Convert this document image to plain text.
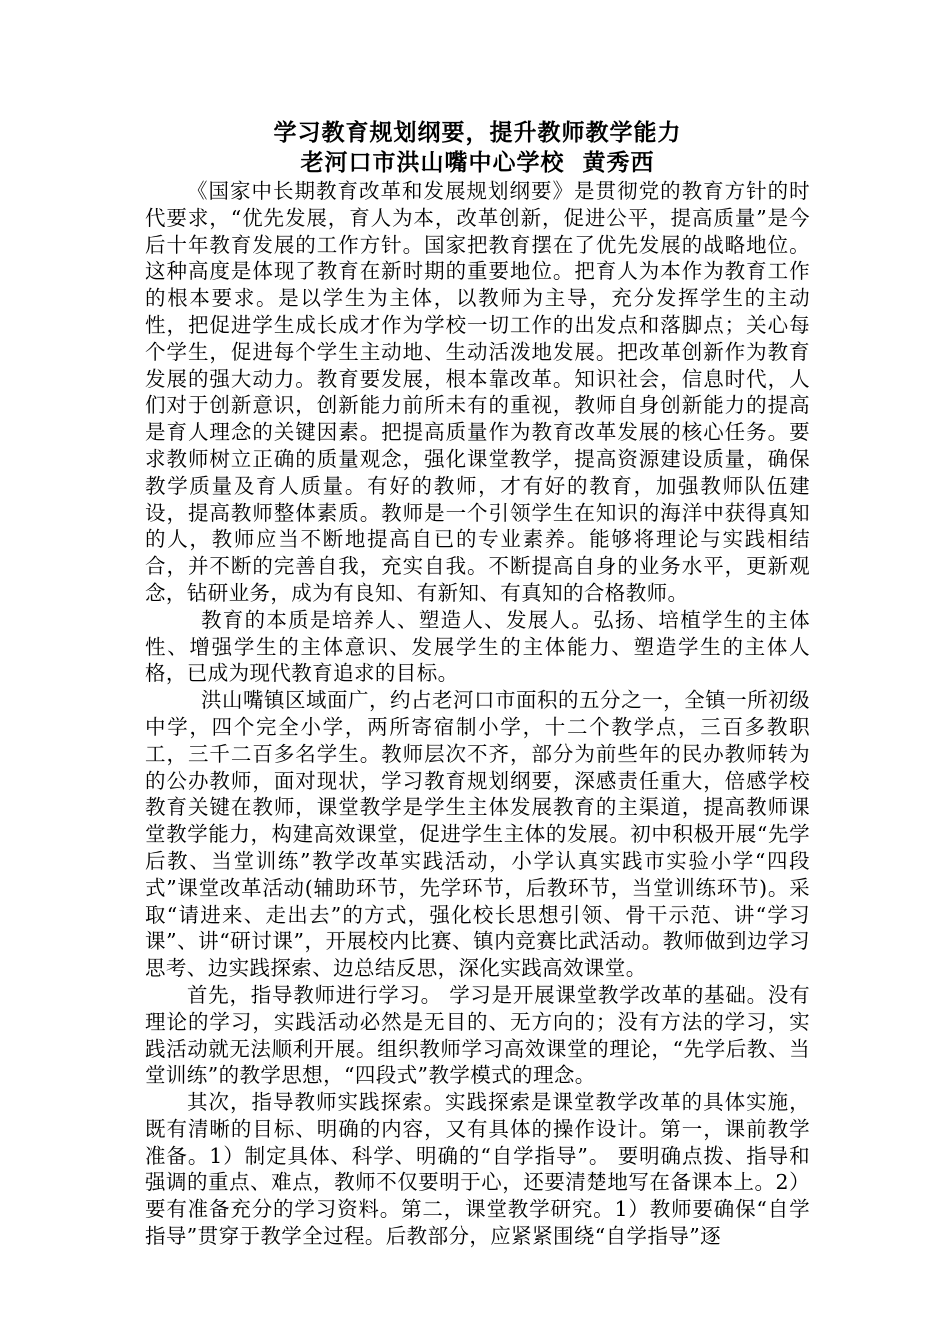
学习教育规划纲要，提升教师教学能力
老河口市洪山嘴中心学校 黄秀西

《国家中长期教育改革和发展规划纲要》是贯彻党的教育方针的时代要求，“优先发展，育人为本，改革创新，促进公平，提高质量”是今后十年教育发展的工作方针。国家把教育摆在了优先发展的战略地位。这种高度是体现了教育在新时期的重要地位。把育人为本作为教育工作的根本要求。是以学生为主体，以教师为主导，充分发挥学生的主动性，把促进学生成长成才作为学校一切工作的出发点和落脚点；关心每个学生，促进每个学生主动地、生动活泼地发展。把改革创新作为教育发展的强大动力。教育要发展，根本靠改革。知识社会，信息时代，人们对于创新意识，创新能力前所未有的重视，教师自身创新能力的提高是育人理念的关键因素。把提高质量作为教育改革发展的核心任务。要求教师树立正确的质量观念，强化课堂教学，提高资源建设质量，确保教学质量及育人质量。有好的教师，才有好的教育，加强教师队伍建设，提高教师整体素质。教师是一个引领学生在知识的海洋中获得真知的人，教师应当不断地提高自已的专业素养。能够将理论与实践相结合，并不断的完善自我，充实自我。不断提高自身的业务水平，更新观念，钻研业务，成为有良知、有新知、有真知的合格教师。

教育的本质是培养人、塑造人、发展人。弘扬、培植学生的主体性、增强学生的主体意识、发展学生的主体能力、塑造学生的主体人格，已成为现代教育追求的目标。

洪山嘴镇区域面广，约占老河口市面积的五分之一，全镇一所初级中学，四个完全小学，两所寄宿制小学，十二个教学点，三百多教职工，三千二百多名学生。教师层次不齐，部分为前些年的民办教师转为的公办教师，面对现状，学习教育规划纲要，深感责任重大，倍感学校教育关键在教师，课堂教学是学生主体发展教育的主渠道，提高教师课堂教学能力，构建高效课堂，促进学生主体的发展。初中积极开展“先学后教、当堂训练”教学改革实践活动，小学认真实践市实验小学“四段式”课堂改革活动(辅助环节，先学环节，后教环节，当堂训练环节)。采取“请进来、走出去”的方式，强化校长思想引领、骨干示范、讲“学习课”、讲“研讨课”，开展校内比赛、镇内竞赛比武活动。教师做到边学习思考、边实践探索、边总结反思，深化实践高效课堂。

首先，指导教师进行学习。 学习是开展课堂教学改革的基础。没有理论的学习，实践活动必然是无目的、无方向的；没有方法的学习，实践活动就无法顺利开展。组织教师学习高效课堂的理论，“先学后教、当堂训练”的教学思想，“四段式”教学模式的理念。

其次，指导教师实践探索。实践探索是课堂教学改革的具体实施，既有清晰的目标、明确的内容，又有具体的操作设计。第一，课前教学准备。1）制定具体、科学、明确的“自学指导”。 要明确点拨、指导和强调的重点、难点，教师不仅要明于心，还要清楚地写在备课本上。2）要有准备充分的学习资料。第二，课堂教学研究。1）教师要确保“自学指导”贯穿于教学全过程。后教部分，应紧紧围绕“自学指导”逐
